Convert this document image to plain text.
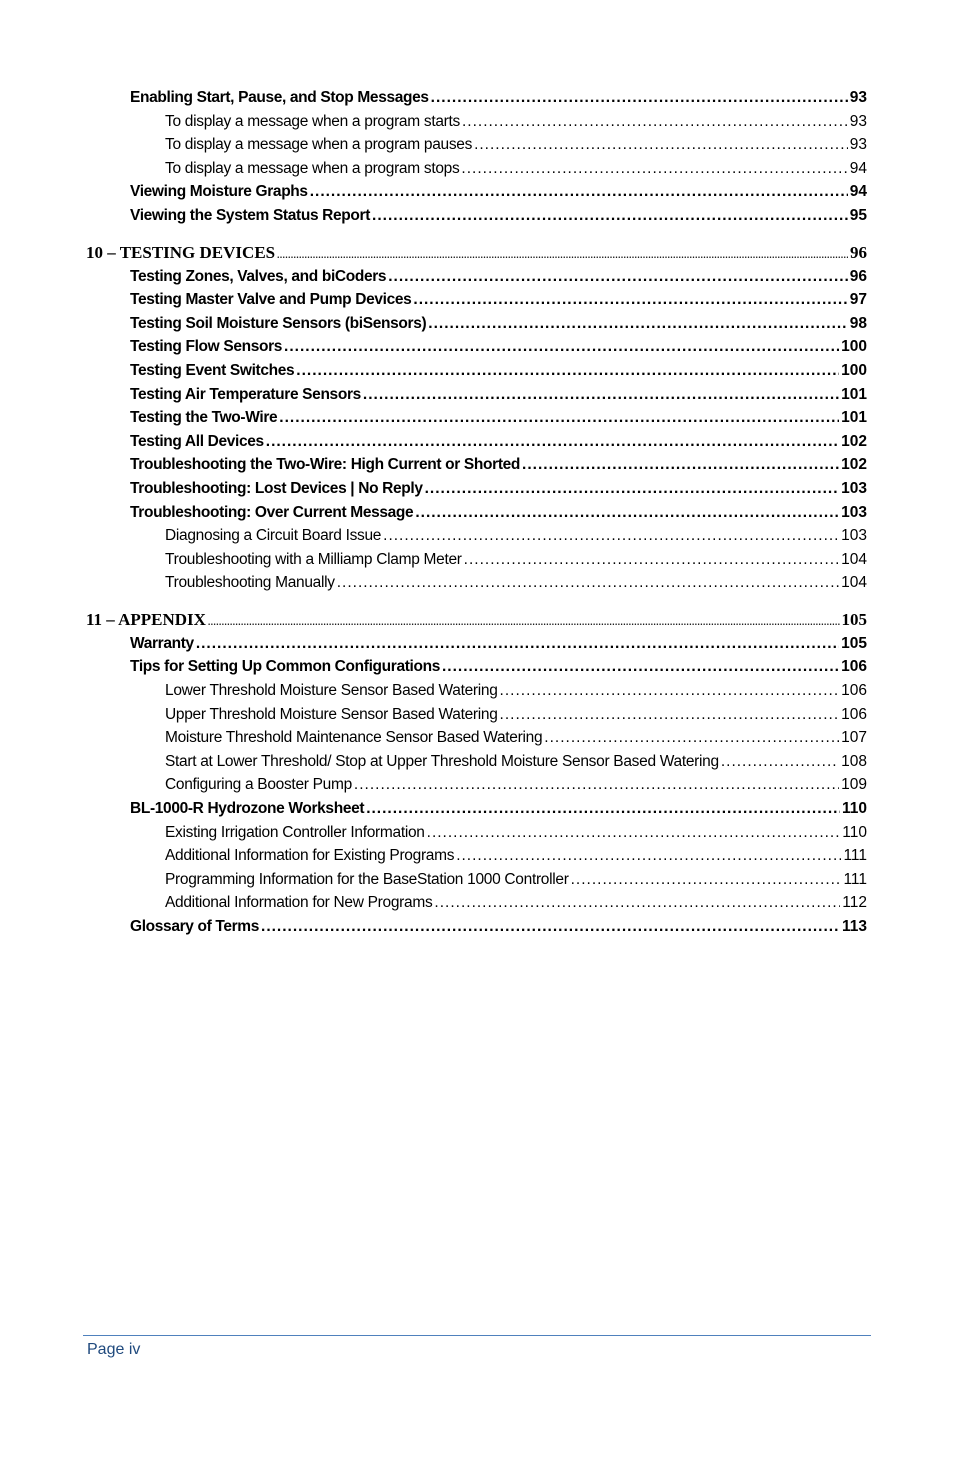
Enabling Start, Pause, and Stop Messages .....	93
To display a message when a program starts .....	93
To display a message when a program pauses .....	93
To display a message when a program stops .....	94
Viewing Moisture Graphs .....	94
Viewing the System Status Report .....	95
10 – TESTING DEVICES .....	96
Testing Zones, Valves, and biCoders .....	96
Testing Master Valve and Pump Devices .....	97
Testing Soil Moisture Sensors (biSensors) .....	98
Testing Flow Sensors .....	100
Testing Event Switches .....	100
Testing Air Temperature Sensors .....	101
Testing the Two-Wire .....	101
Testing All Devices .....	102
Troubleshooting the Two-Wire: High Current or Shorted .....	102
Troubleshooting: Lost Devices | No Reply .....	103
Troubleshooting: Over Current Message .....	103
Diagnosing a Circuit Board Issue .....	103
Troubleshooting with a Milliamp Clamp Meter .....	104
Troubleshooting Manually .....	104
11 – APPENDIX .....	105
Warranty .....	105
Tips for Setting Up Common Configurations .....	106
Lower Threshold Moisture Sensor Based Watering .....	106
Upper Threshold Moisture Sensor Based Watering .....	106
Moisture Threshold Maintenance Sensor Based Watering .....	107
Start at Lower Threshold/ Stop at Upper Threshold Moisture Sensor Based Watering .....	108
Configuring a Booster Pump .....	109
BL-1000-R Hydrozone Worksheet .....	110
Existing Irrigation Controller Information .....	110
Additional Information for Existing Programs .....	111
Programming Information for the BaseStation 1000 Controller .....	111
Additional Information for New Programs .....	112
Glossary of Terms .....	113
Page iv
